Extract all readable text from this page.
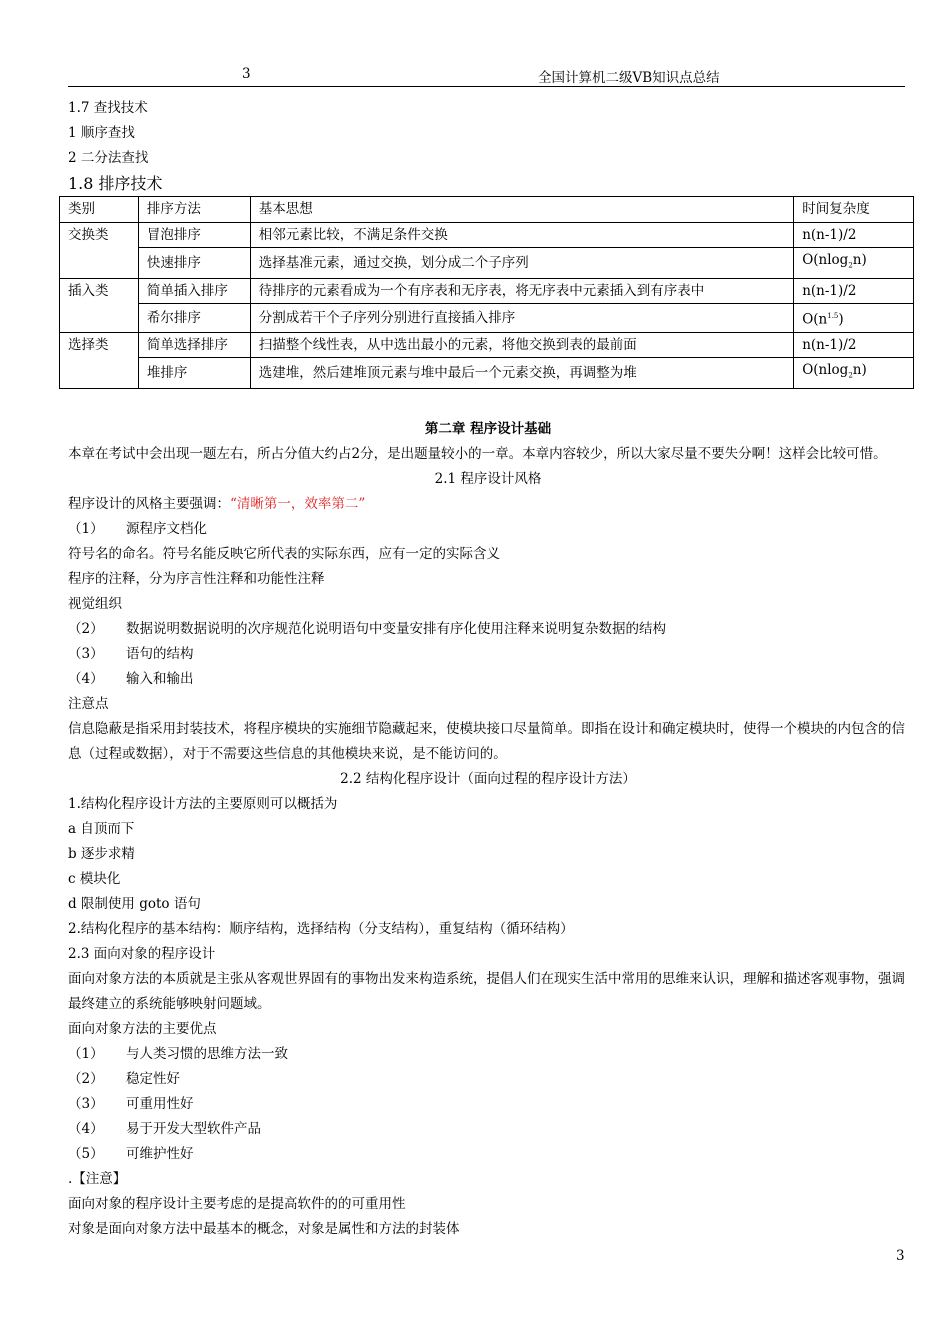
3	全国计算机二级VB知识点总结
1.7 查找技术
1 顺序查找
2 二分法查找
1.8 排序技术
类别	排序方法	基本思想	时间复杂度
交换类	冒泡排序	相邻元素比较，不满足条件交换	n(n-1)/2
	快速排序	选择基准元素，通过交换，划分成二个子序列	O(nlog$_2$n)
插入类	简单插入排序	待排序的元素看成为一个有序表和无序表，将无序表中元素插入到有序表中	n(n-1)/2
	希尔排序	分割成若干个子序列分别进行直接插入排序	$O(n^{1.5})$
选择类	简单选择排序	扫描整个线性表，从中选出最小的元素，将他交换到表的最前面	n(n-1)/2
	堆排序	选建堆，然后建堆顶元素与堆中最后一个元素交换，再调整为堆	O(nlog$_2$n)
第二章 程序设计基础
本章在考试中会出现一题左右，所占分值大约占2分，是出题量较小的一章。本章内容较少，所以大家尽量不要失分啊！这样会比较可惜。
2.1 程序设计风格
程序设计的风格主要强调：“清晰第一，效率第二”
（1） 源程序文档化
符号名的命名。符号名能反映它所代表的实际东西，应有一定的实际含义
程序的注释，分为序言性注释和功能性注释
视觉组织
（2） 数据说明数据说明的次序规范化说明语句中变量安排有序化使用注释来说明复杂数据的结构
（3） 语句的结构
（4） 输入和输出
注意点
信息隐蔽是指采用封装技术，将程序模块的实施细节隐藏起来，使模块接口尽量简单。即指在设计和确定模块时，使得一个模块的内包含的信息（过程或数据），对于不需要这些信息的其他模块来说，是不能访问的。
2.2 结构化程序设计（面向过程的程序设计方法）
1.结构化程序设计方法的主要原则可以概括为
a 自顶而下
b 逐步求精
c 模块化
d 限制使用 goto 语句
2.结构化程序的基本结构：顺序结构，选择结构（分支结构），重复结构（循环结构）
2.3 面向对象的程序设计
面向对象方法的本质就是主张从客观世界固有的事物出发来构造系统，提倡人们在现实生活中常用的思维来认识，理解和描述客观事物，强调最终建立的系统能够映射问题域。
面向对象方法的主要优点
（1） 与人类习惯的思维方法一致
（2） 稳定性好
（3） 可重用性好
（4） 易于开发大型软件产品
（5） 可维护性好
.【注意】
面向对象的程序设计主要考虑的是提高软件的的可重用性
对象是面向对象方法中最基本的概念，对象是属性和方法的封装体
3
